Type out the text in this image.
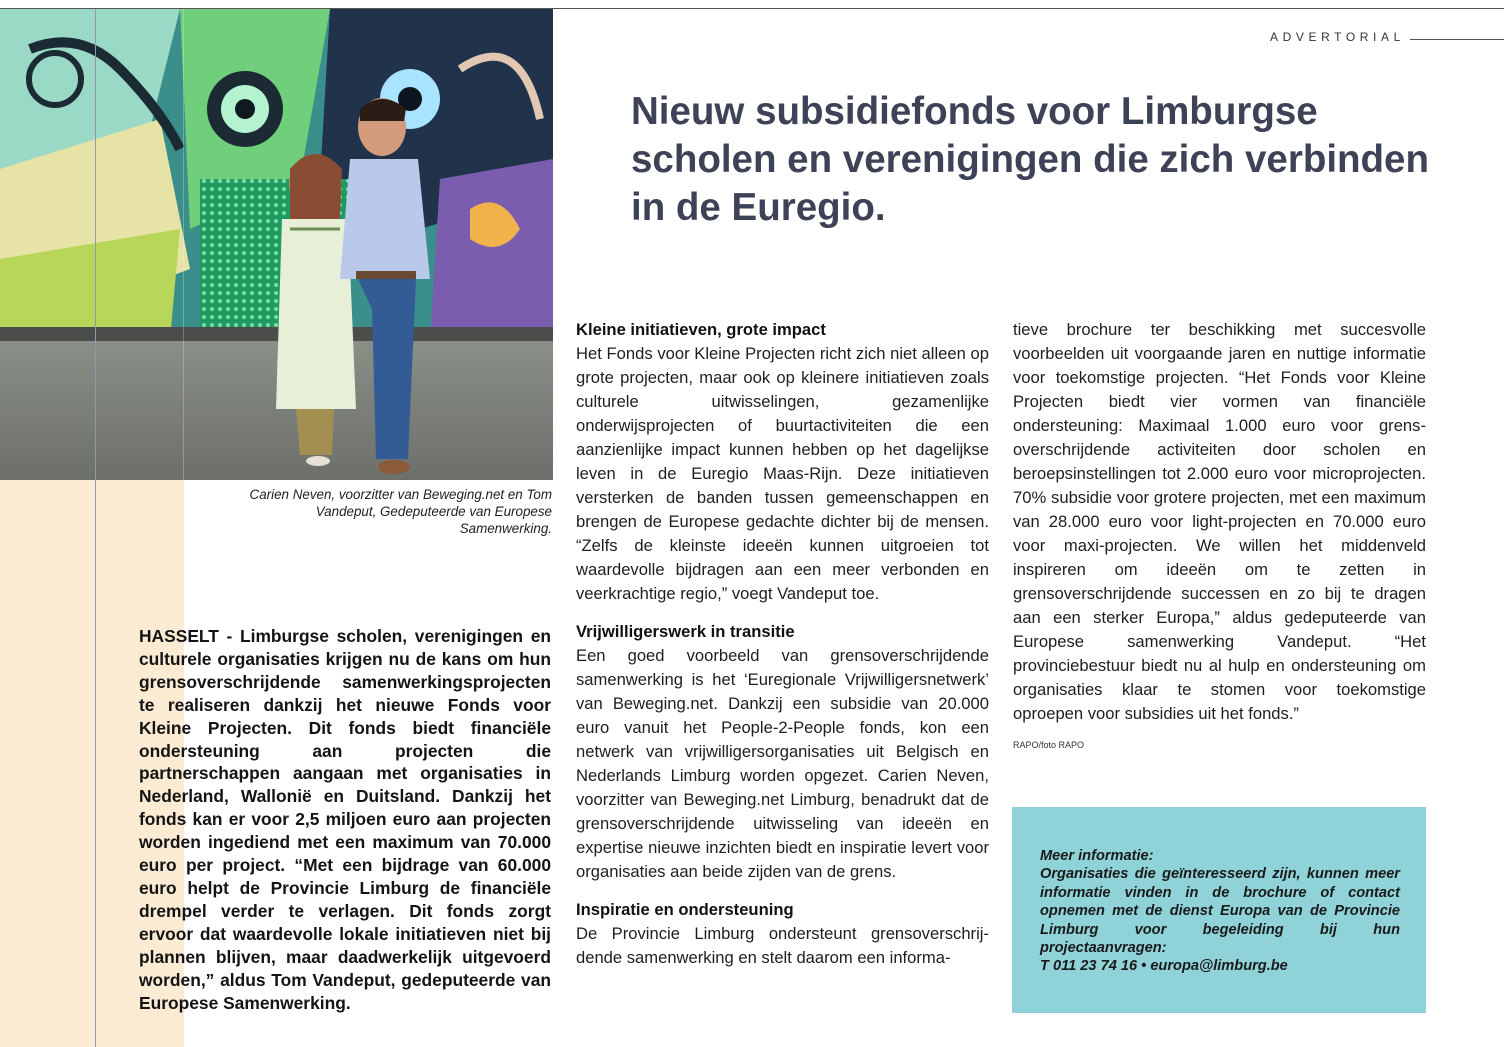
ADVERTORIAL
Carien Neven, voorzitter van Beweging.net en Tom Vandeput, Gedeputeerde van Europese Samenwerking.
Nieuw subsidiefonds voor Limburgse scholen en verenigingen die zich verbinden in de Euregio.

HASSELT - Limburgse scholen, verenigingen en culturele organisaties krijgen nu de kans om hun grensoverschrijdende samenwerkingsprojecten te realiseren dankzij het nieuwe Fonds voor Kleine Projecten. Dit fonds biedt financiële ondersteuning aan projecten die partnerschappen aangaan met organisaties in Nederland, Wallonië en Duitsland. Dankzij het fonds kan er voor 2,5 miljoen euro aan projecten worden ingediend met een maximum van 70.000 euro per project. “Met een bijdrage van 60.000 euro helpt de Provincie Limburg de financiële drempel verder te verlagen. Dit fonds zorgt ervoor dat waardevolle lokale initiatieven niet bij plannen blijven, maar daadwerkelijk uitgevoerd worden,” aldus Tom Vandeput, gedeputeerde van Europese Samenwerking.

Kleine initiatieven, grote impact

Het Fonds voor Kleine Projecten richt zich niet alleen op grote projecten, maar ook op kleinere initiatieven zoals culturele uitwisselingen, gezamenlijke onderwijsprojecten of buurtactiviteiten die een aanzienlijke impact kunnen hebben op het dagelijkse leven in de Euregio Maas-Rijn. Deze initiatieven versterken de banden tussen gemeenschappen en brengen de Europese gedachte dichter bij de mensen. “Zelfs de kleinste ideeën kunnen uitgroeien tot waardevolle bijdragen aan een meer verbonden en veerkrachtige regio,” voegt Vandeput toe.

Vrijwilligerswerk in transitie

Een goed voorbeeld van grensoverschrijdende samenwerking is het ‘Euregionale Vrijwilligersnetwerk’ van Beweging.net. Dankzij een subsidie van 20.000 euro vanuit het People-2-People fonds, kon een netwerk van vrijwilligersorganisaties uit Belgisch en Nederlands Limburg worden opgezet. Carien Neven, voorzitter van Beweging.net Limburg, benadrukt dat de grensoverschrijdende uitwisseling van ideeën en expertise nieuwe inzichten biedt en inspiratie levert voor organisaties aan beide zijden van de grens.

Inspiratie en ondersteuning

De Provincie Limburg ondersteunt grensoverschrijdende samenwerking en stelt daarom een informa-

tieve brochure ter beschikking met succesvolle voorbeelden uit voorgaande jaren en nuttige informatie voor toekomstige projecten. “Het Fonds voor Kleine Projecten biedt vier vormen van financiële ondersteuning: Maximaal 1.000 euro voor grensoverschrijdende activiteiten door scholen en beroepsinstellingen tot 2.000 euro voor microprojecten. 70% subsidie voor grotere projecten, met een maximum van 28.000 euro voor light-projecten en 70.000 euro voor maxi-projecten. We willen het middenveld inspireren om ideeën om te zetten in grensoverschrijdende successen en zo bij te dragen aan een sterker Europa,” aldus gedeputeerde van Europese samenwerking Vandeput. “Het provinciebestuur biedt nu al hulp en ondersteuning om organisaties klaar te stomen voor toekomstige oproepen voor subsidies uit het fonds.”

RAPO/foto RAPO

Meer informatie:
Organisaties die geïnteresseerd zijn, kunnen meer informatie vinden in de brochure of contact opnemen met de dienst Europa van de Provincie Limburg voor begeleiding bij hun projectaanvragen:
T 011 23 74 16 • europa@limburg.be
